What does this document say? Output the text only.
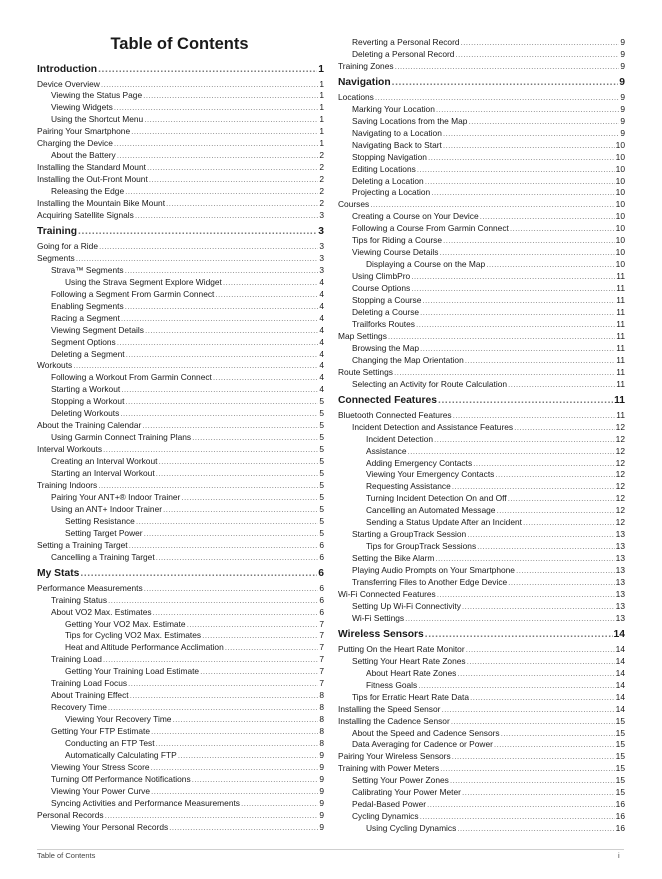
Table of Contents
Introduction .....	1
Device Overview .....	1
Viewing the Status Page .....	1
Viewing Widgets .....	1
Using the Shortcut Menu .....	1
Pairing Your Smartphone .....	1
Charging the Device .....	1
About the Battery .....	2
Installing the Standard Mount .....	2
Installing the Out-Front Mount .....	2
Releasing the Edge .....	2
Installing the Mountain Bike Mount .....	2
Acquiring Satellite Signals .....	3
Training .....	3
Going for a Ride .....	3
Segments .....	3
Strava™ Segments .....	3
Using the Strava Segment Explore Widget .....	4
Following a Segment From Garmin Connect .....	4
Enabling Segments .....	4
Racing a Segment .....	4
Viewing Segment Details .....	4
Segment Options .....	4
Deleting a Segment .....	4
Workouts .....	4
Following a Workout From Garmin Connect .....	4
Starting a Workout .....	4
Stopping a Workout .....	5
Deleting Workouts .....	5
About the Training Calendar .....	5
Using Garmin Connect Training Plans .....	5
Interval Workouts .....	5
Creating an Interval Workout .....	5
Starting an Interval Workout .....	5
Training Indoors .....	5
Pairing Your ANT+® Indoor Trainer .....	5
Using an ANT+ Indoor Trainer .....	5
Setting Resistance .....	5
Setting Target Power .....	5
Setting a Training Target .....	6
Cancelling a Training Target .....	6
My Stats .....	6
Performance Measurements .....	6
Training Status .....	6
About VO2 Max. Estimates .....	6
Getting Your VO2 Max. Estimate .....	7
Tips for Cycling VO2 Max. Estimates .....	7
Heat and Altitude Performance Acclimation .....	7
Training Load .....	7
Getting Your Training Load Estimate .....	7
Training Load Focus .....	7
About Training Effect .....	8
Recovery Time .....	8
Viewing Your Recovery Time .....	8
Getting Your FTP Estimate .....	8
Conducting an FTP Test .....	8
Automatically Calculating FTP .....	9
Viewing Your Stress Score .....	9
Turning Off Performance Notifications .....	9
Viewing Your Power Curve .....	9
Syncing Activities and Performance Measurements .....	9
Personal Records .....	9
Viewing Your Personal Records .....	9
Reverting a Personal Record .....	9
Deleting a Personal Record .....	9
Training Zones .....	9
Navigation .....	9
Locations .....	9
Marking Your Location .....	9
Saving Locations from the Map .....	9
Navigating to a Location .....	9
Navigating Back to Start .....	10
Stopping Navigation .....	10
Editing Locations .....	10
Deleting a Location .....	10
Projecting a Location .....	10
Courses .....	10
Creating a Course on Your Device .....	10
Following a Course From Garmin Connect .....	10
Tips for Riding a Course .....	10
Viewing Course Details .....	10
Displaying a Course on the Map .....	10
Using ClimbPro .....	11
Course Options .....	11
Stopping a Course .....	11
Deleting a Course .....	11
Trailforks Routes .....	11
Map Settings .....	11
Browsing the Map .....	11
Changing the Map Orientation .....	11
Route Settings .....	11
Selecting an Activity for Route Calculation .....	11
Connected Features .....	11
Bluetooth Connected Features .....	11
Incident Detection and Assistance Features .....	12
Incident Detection .....	12
Assistance .....	12
Adding Emergency Contacts .....	12
Viewing Your Emergency Contacts .....	12
Requesting Assistance .....	12
Turning Incident Detection On and Off .....	12
Cancelling an Automated Message .....	12
Sending a Status Update After an Incident .....	12
Starting a GroupTrack Session .....	13
Tips for GroupTrack Sessions .....	13
Setting the Bike Alarm .....	13
Playing Audio Prompts on Your Smartphone .....	13
Transferring Files to Another Edge Device .....	13
Wi‑Fi Connected Features .....	13
Setting Up Wi‑Fi Connectivity .....	13
Wi‑Fi Settings .....	13
Wireless Sensors .....	14
Putting On the Heart Rate Monitor .....	14
Setting Your Heart Rate Zones .....	14
About Heart Rate Zones .....	14
Fitness Goals .....	14
Tips for Erratic Heart Rate Data .....	14
Installing the Speed Sensor .....	14
Installing the Cadence Sensor .....	15
About the Speed and Cadence Sensors .....	15
Data Averaging for Cadence or Power .....	15
Pairing Your Wireless Sensors .....	15
Training with Power Meters .....	15
Setting Your Power Zones .....	15
Calibrating Your Power Meter .....	15
Pedal-Based Power .....	16
Cycling Dynamics .....	16
Using Cycling Dynamics .....	16
Table of Contents	i
